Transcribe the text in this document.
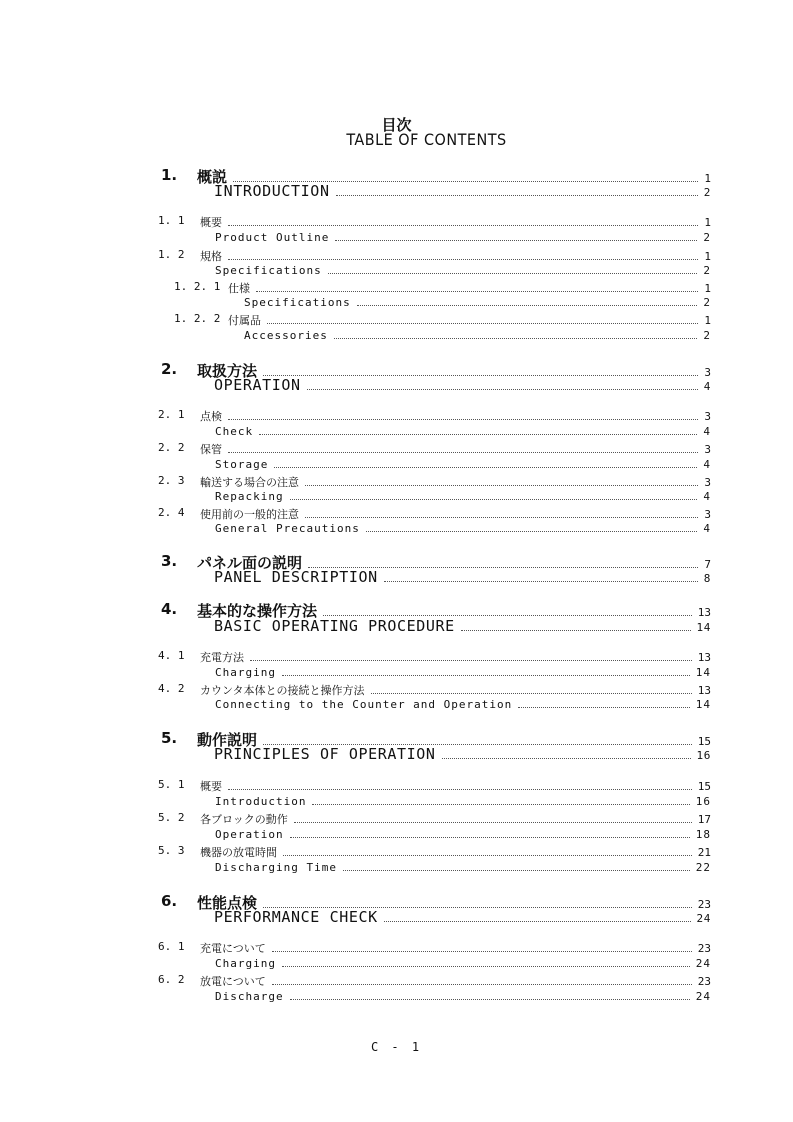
目次
TABLE OF CONTENTS
1. 概説	1
INTRODUCTION	2
1. 1 概要	1
Product Outline	2
1. 2 規格	1
Specifications	2
1. 2. 1 仕様	1
Specifications	2
1. 2. 2 付属品	1
Accessories	2
2. 取扱方法	3
OPERATION	4
2. 1 点検	3
Check	4
2. 2 保管	3
Storage	4
2. 3 輸送する場合の注意	3
Repacking	4
2. 4 使用前の一般的注意	3
General Precautions	4
3. パネル面の説明	7
PANEL DESCRIPTION	8
4. 基本的な操作方法	13
BASIC OPERATING PROCEDURE	14
4. 1 充電方法	13
Charging	14
4. 2 カウンタ本体との接続と操作方法	13
Connecting to the Counter and Operation	14
5. 動作説明	15
PRINCIPLES OF OPERATION	16
5. 1 概要	15
Introduction	16
5. 2 各ブロックの動作	17
Operation	18
5. 3 機器の放電時間	21
Discharging Time	22
6. 性能点検	23
PERFORMANCE CHECK	24
6. 1 充電について	23
Charging	24
6. 2 放電について	23
Discharge	24
C - 1
